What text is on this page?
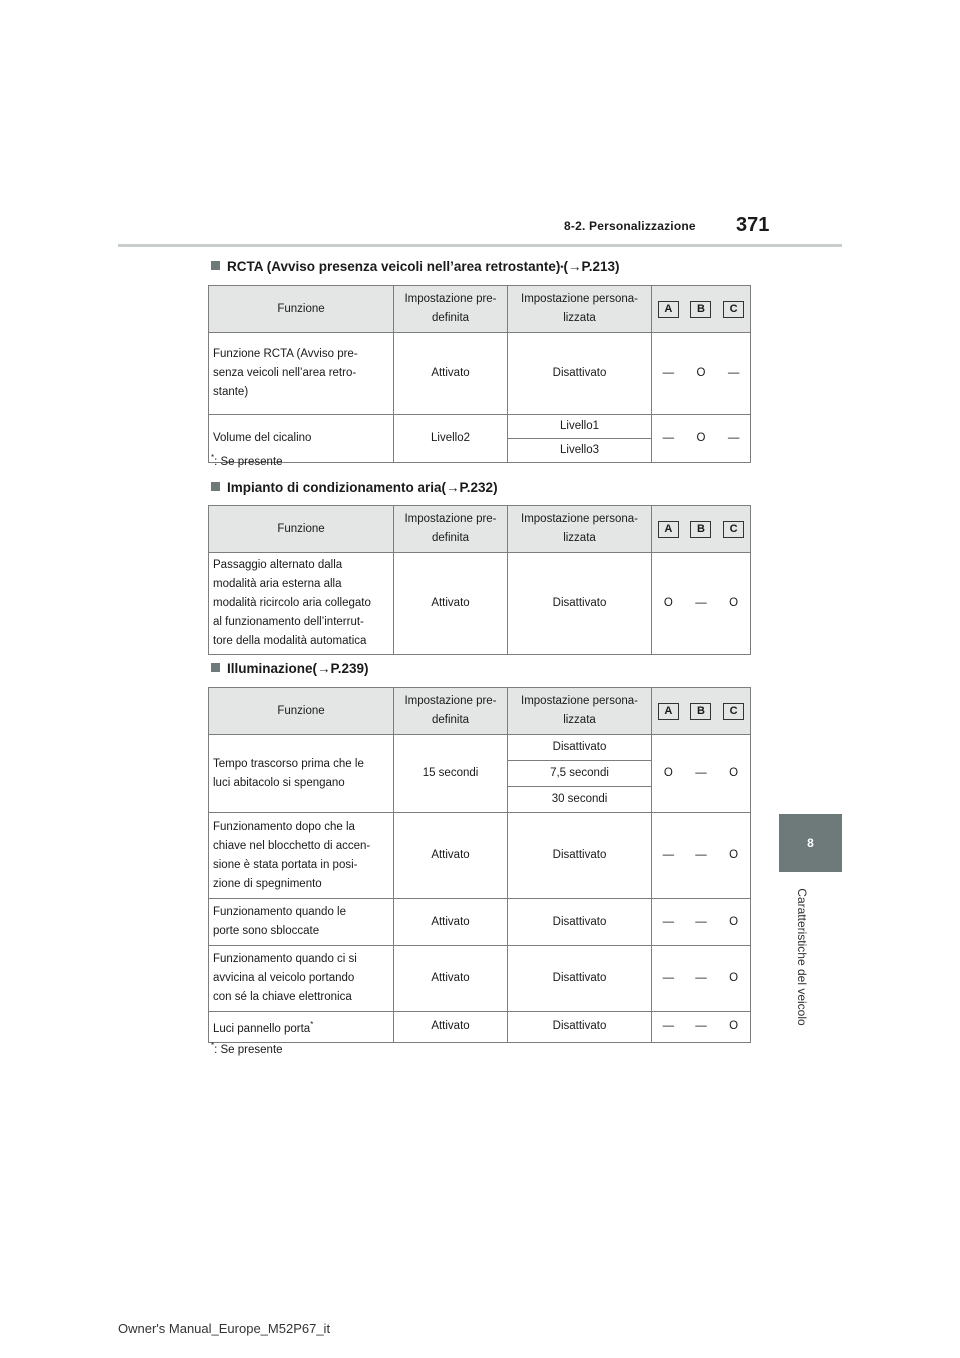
8-2. Personalizzazione 371
8
Caratteristiche del veicolo
RCTA (Avviso presenza veicoli nell’area retrostante) * (→P.213)
Funzione	Impostazione pre-
definita	Impostazione persona-
lizzata	A B C

Funzione RCTA (Avviso pre-
senza veicoli nell’area retro-
stante)	Attivato	Disattivato	— O —

Volume del cicalino	Livello2	Livello1	— O —

		Livello3	
*: Se presente
Impianto di condizionamento aria (→P.232)
Funzione	Impostazione pre-
definita	Impostazione persona-
lizzata	A B C

Passaggio alternato dalla
modalità aria esterna alla
modalità ricircolo aria collegato
al funzionamento dell’interrut-
tore della modalità automatica	Attivato	Disattivato	O — O
Illuminazione (→P.239)
Funzione	Impostazione pre-
definita	Impostazione persona-
lizzata	A B C

Tempo trascorso prima che le
luci abitacolo si spengano	15 secondi	Disattivato	O — O

		7,5 secondi	
		30 secondi	
Funzionamento dopo che la
chiave nel blocchetto di accen-
sione è stata portata in posi-
zione di spegnimento	Attivato	Disattivato	— — O

Funzionamento quando le
porte sono sbloccate	Attivato	Disattivato	— — O

Funzionamento quando ci si
avvicina al veicolo portando
con sé la chiave elettronica	Attivato	Disattivato	— — O

Luci pannello porta*	Attivato	Disattivato	— — O
*: Se presente
Owner's Manual_Europe_M52P67_it
